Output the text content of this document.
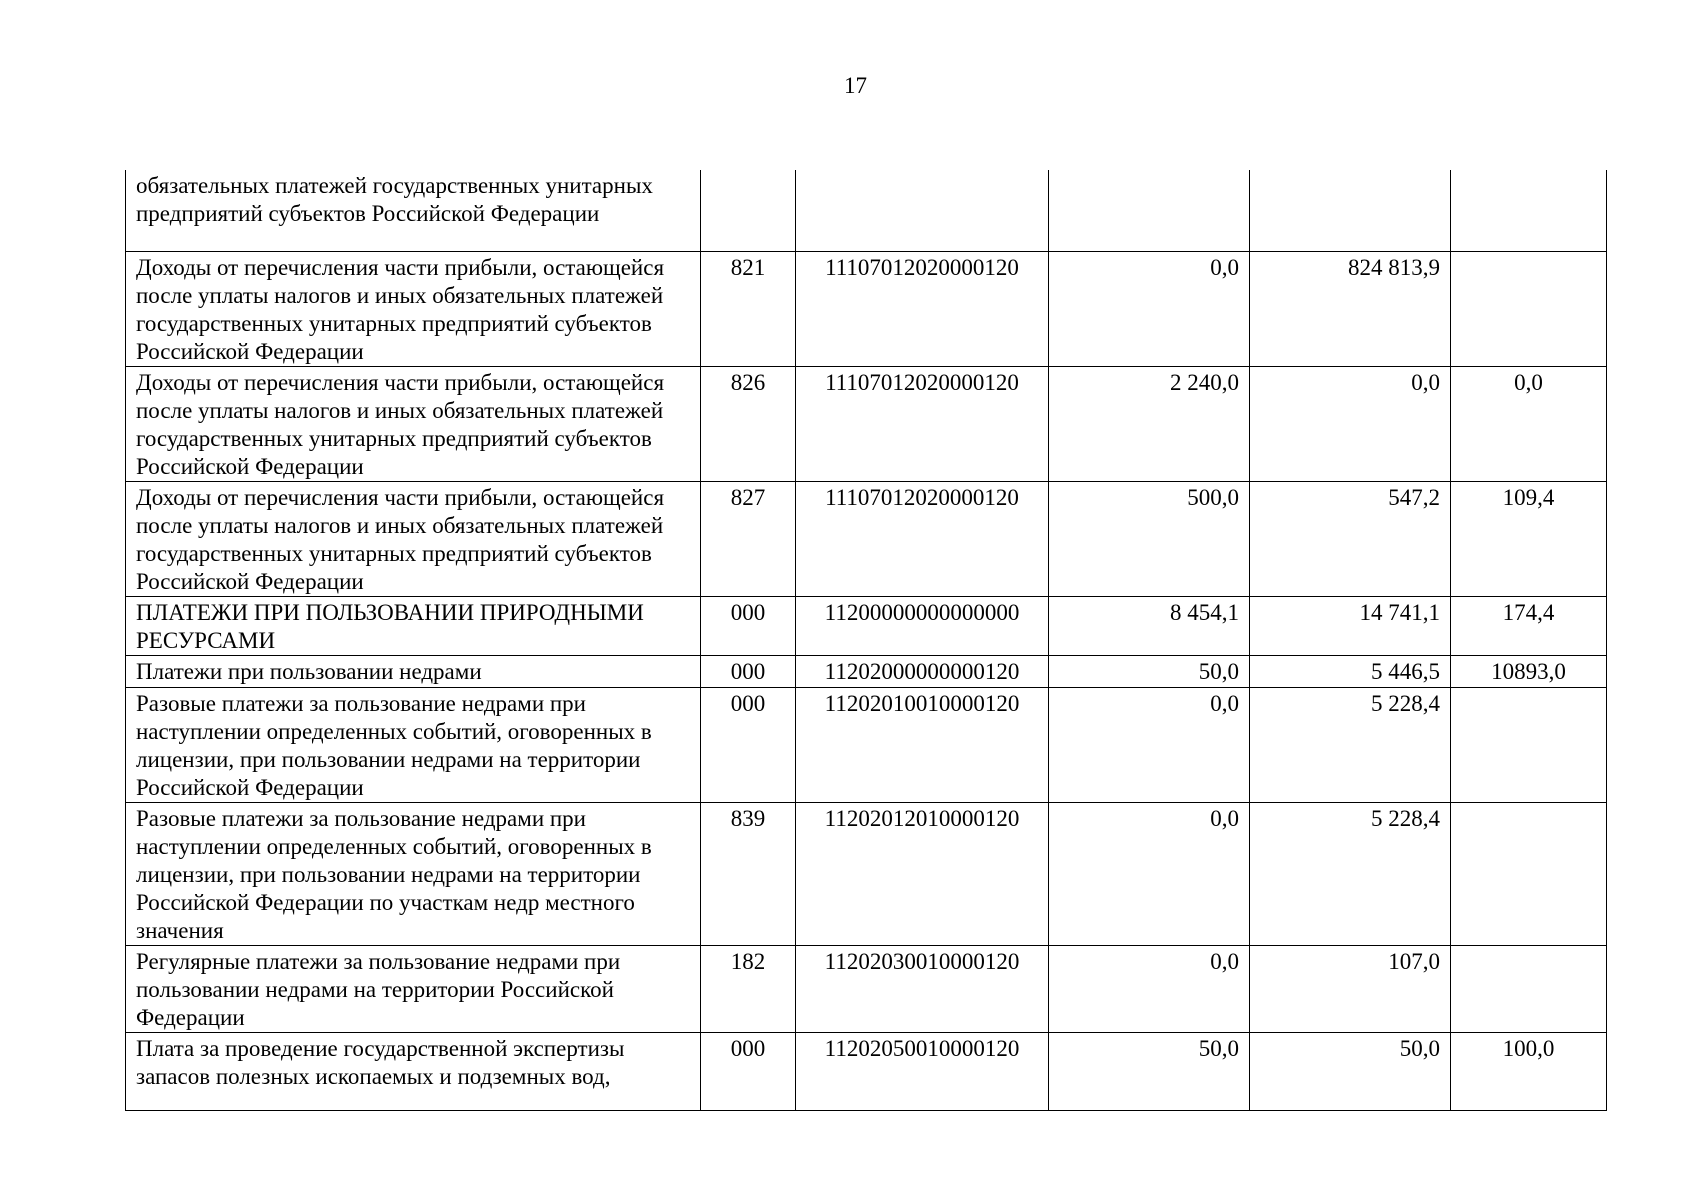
17
обязательных платежей государственных унитарных предприятий субъектов Российской Федерации					
Доходы от перечисления части прибыли, остающейся после уплаты налогов и иных обязательных платежей государственных унитарных предприятий субъектов Российской Федерации	821	11107012020000120	0,0	824 813,9	
Доходы от перечисления части прибыли, остающейся после уплаты налогов и иных обязательных платежей государственных унитарных предприятий субъектов Российской Федерации	826	11107012020000120	2 240,0	0,0	0,0
Доходы от перечисления части прибыли, остающейся после уплаты налогов и иных обязательных платежей государственных унитарных предприятий субъектов Российской Федерации	827	11107012020000120	500,0	547,2	109,4
ПЛАТЕЖИ ПРИ ПОЛЬЗОВАНИИ ПРИРОДНЫМИ РЕСУРСАМИ	000	11200000000000000	8 454,1	14 741,1	174,4
Платежи при пользовании недрами	000	11202000000000120	50,0	5 446,5	10893,0
Разовые платежи за пользование недрами при наступлении определенных событий, оговоренных в лицензии, при пользовании недрами на территории Российской Федерации	000	11202010010000120	0,0	5 228,4	
Разовые платежи за пользование недрами при наступлении определенных событий, оговоренных в лицензии, при пользовании недрами на территории Российской Федерации по участкам недр местного значения	839	11202012010000120	0,0	5 228,4	
Регулярные платежи за пользование недрами при пользовании недрами на территории Российской Федерации	182	11202030010000120	0,0	107,0	
Плата за проведение государственной экспертизы запасов полезных ископаемых и подземных вод,	000	11202050010000120	50,0	50,0	100,0
